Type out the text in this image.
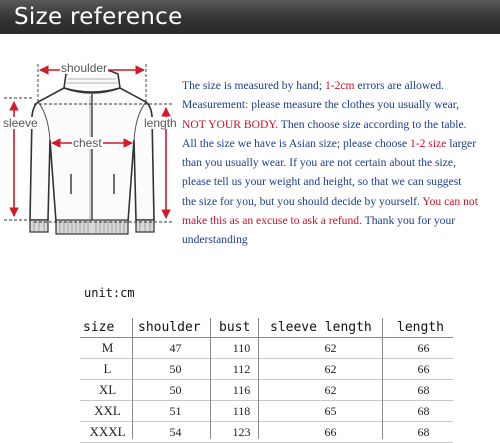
Size reference
shoulder
sleeve
chest
length
The size is measured by hand; 1-2cm errors are allowed.
Measurement: please measure the clothes you usually wear,
NOT YOUR BODY. Then choose size according to the table.
All the size we have is Asian size; please choose 1-2 size larger
than you usually wear. If you are not certain about the size,
please tell us your weight and height, so that we can suggest
the size for you, but you should decide by yourself. You can not
make this as an excuse to ask a refund. Thank you for your
understanding
unit:cm
size	shoulder	bust	sleeve length	length
M	47	110	62	66
L	50	112	62	66
XL	50	116	62	68
XXL	51	118	65	68
XXXL	54	123	66	68
